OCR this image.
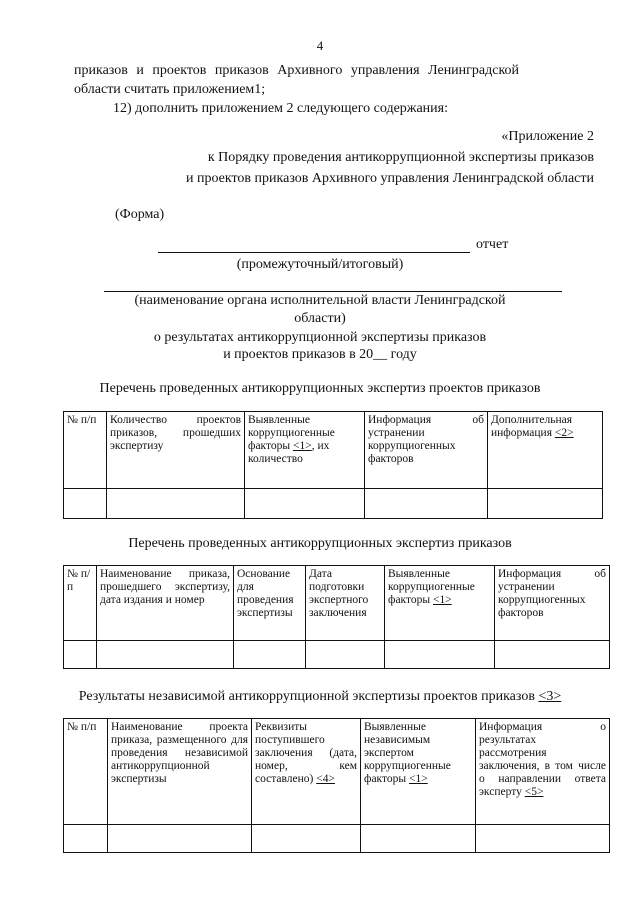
4
приказов и проектов приказов Архивного управления Ленинградской
области считать приложением1;
12) дополнить приложением 2 следующего содержания:
«Приложение 2
к Порядку проведения антикоррупционной экспертизы приказов
и проектов приказов Архивного управления Ленинградской области
(Форма)
отчет
(промежуточный/итоговый)
(наименование органа исполнительной власти Ленинградской
области)
о результатах антикоррупционной экспертизы приказов
и проектов приказов в 20__ году
Перечень проведенных антикоррупционных экспертиз проектов приказов
№ п/п	Количество проектов приказов, прошедших экспертизу	Выявленные коррупциогенные факторы <1>, их количество	Информация об устранении коррупциогенных факторов	Дополнительная информация <2>

Перечень проведенных антикоррупционных экспертиз приказов
№ п/п	Наименование приказа, прошедшего экспертизу, дата издания и номер	Основание для проведения экспертизы	Дата подготовки экспертного заключения	Выявленные коррупциогенные факторы <1>	Информация об устранении коррупциогенных факторов

Результаты независимой антикоррупционной экспертизы проектов приказов <3>
№ п/п	Наименование проекта приказа, размещенного для проведения независимой антикоррупционной экспертизы	Реквизиты поступившего заключения (дата, номер, кем составлено) <4>	Выявленные независимым экспертом коррупциогенные факторы <1>	Информация о результатах рассмотрения заключения, в том числе о направлении ответа эксперту <5>
